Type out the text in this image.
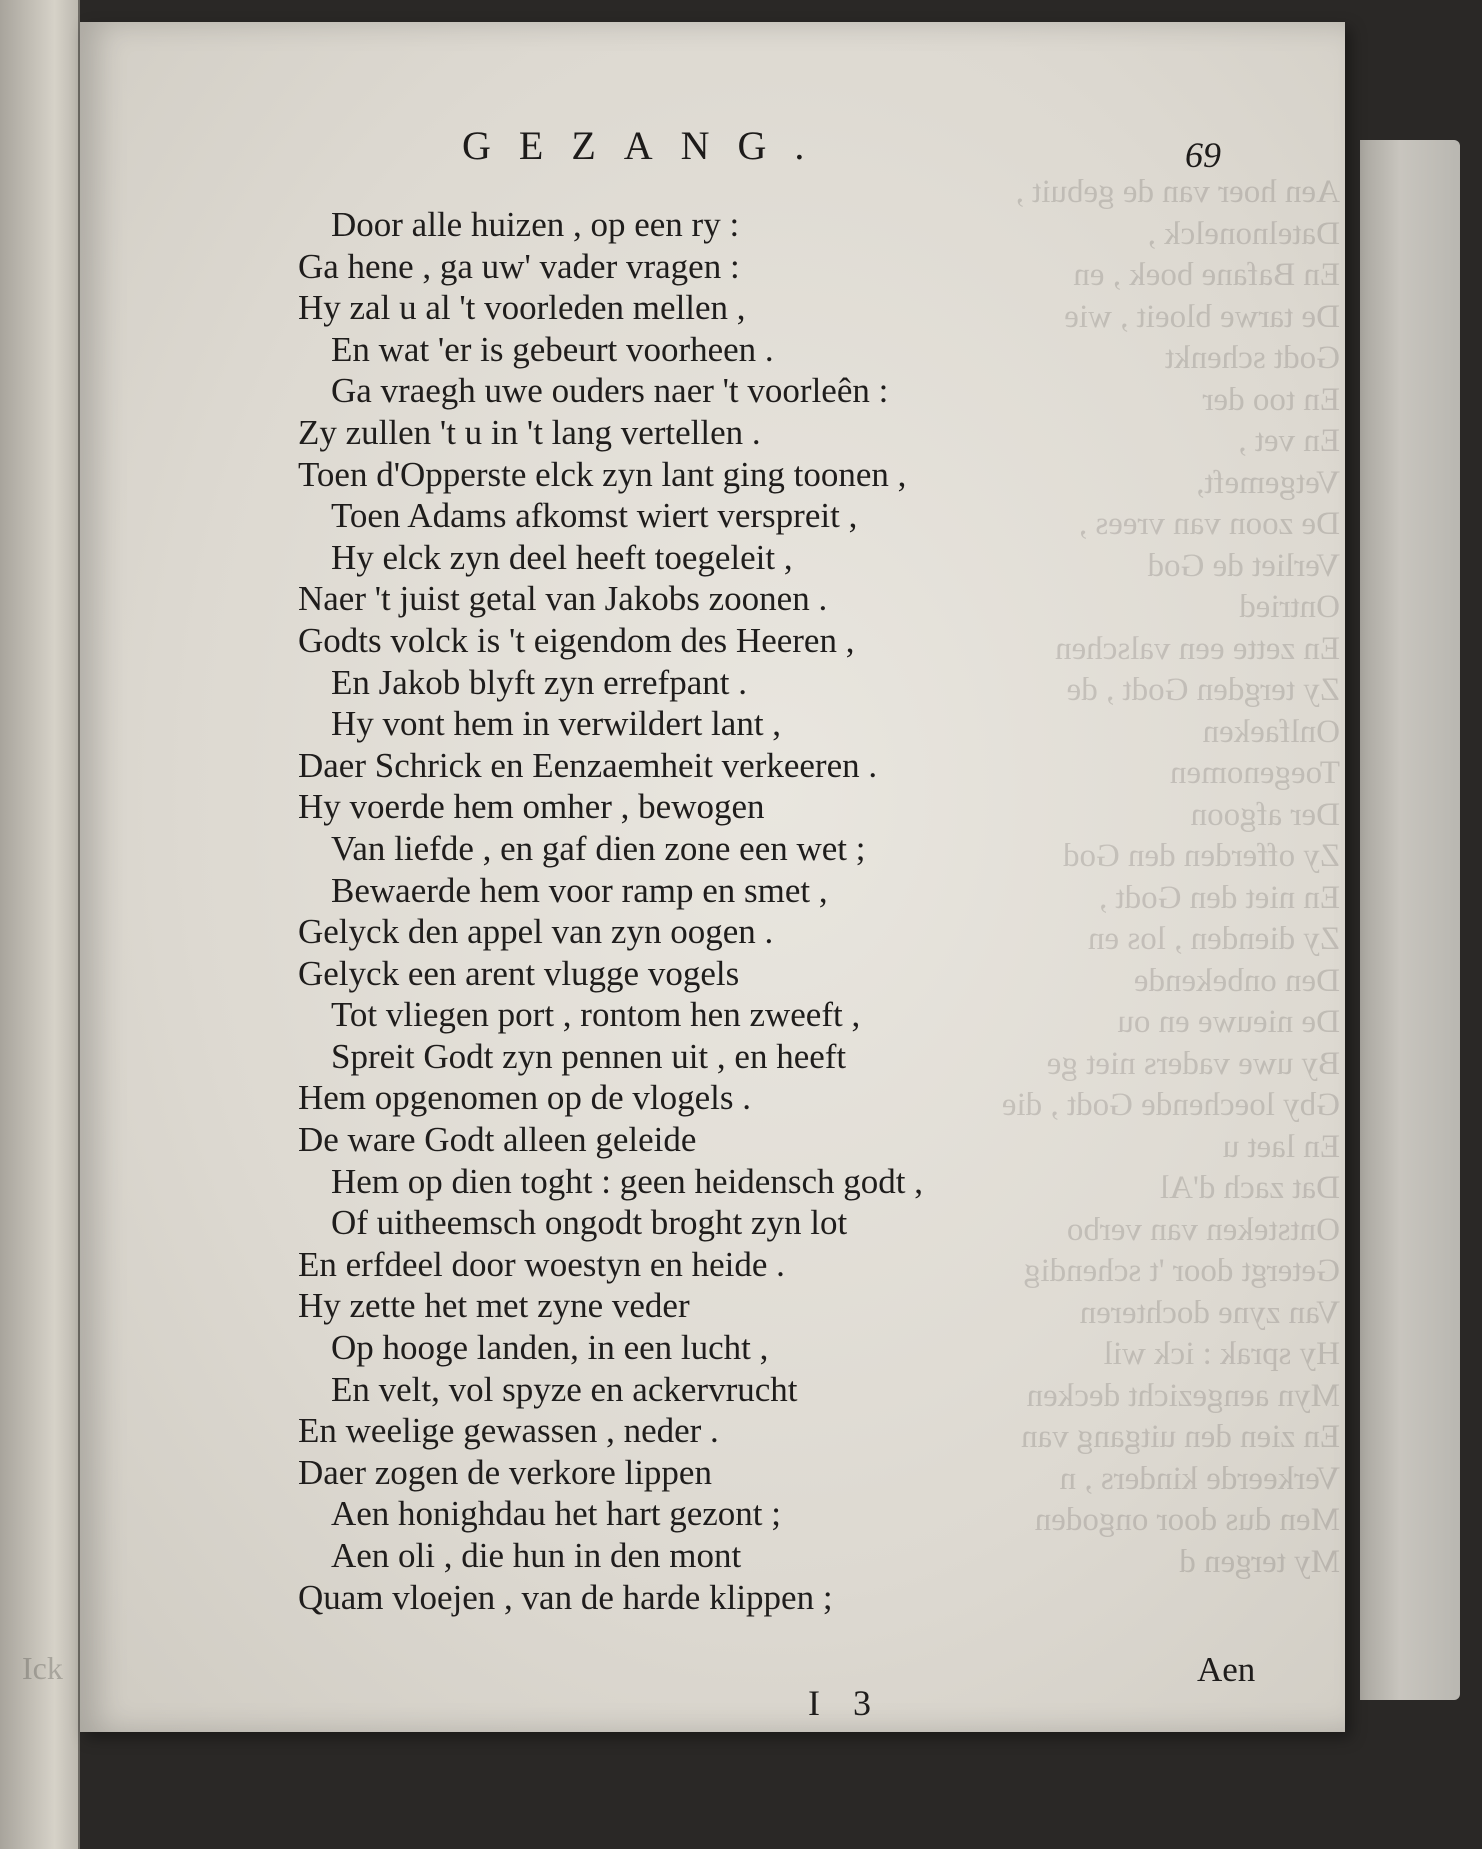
Ick
Aen hoer van de gebuit ,
Datelnonelck ,
En Bafane boek , en
De tarwe bloeit , wie
Godt schenkt
En too der
En vet ,
Vetgemeft,
De zoon van vrees ,
Verliet de God
Ontried
En zette een valschen
Zy tergden Godt , de
Onlfaeken
Toegenomen
Der afgoon
Zy offerden den God
En niet den Godt ,
Zy dienden , los en
Den onbekende
De nieuwe en ou
By uwe vaders niet ge
Gby loechende Godt , die
En laet u
Dat zach d'Al
Ontsteken van verbo
Getergt door 't schendig
Van zyne dochteren
Hy sprak : ick wil
Myn aengezicht decken
En zien den uitgang van
Verkeerde kinders , n
Men dus door ongoden
My tergen d
GEZANG.	69
Door alle huizen , op een ry :
Ga hene , ga uw' vader vragen :
Hy zal u al 't voorleden mellen ,
En wat 'er is gebeurt voorheen .
Ga vraegh uwe ouders naer 't voorleên :
Zy zullen 't u in 't lang vertellen .
Toen d'Opperste elck zyn lant ging toonen ,
Toen Adams afkomst wiert verspreit ,
Hy elck zyn deel heeft toegeleit ,
Naer 't juist getal van Jakobs zoonen .
Godts volck is 't eigendom des Heeren ,
En Jakob blyft zyn errefpant .
Hy vont hem in verwildert lant ,
Daer Schrick en Eenzaemheit verkeeren .
Hy voerde hem omher , bewogen
Van liefde , en gaf dien zone een wet ;
Bewaerde hem voor ramp en smet ,
Gelyck den appel van zyn oogen .
Gelyck een arent vlugge vogels
Tot vliegen port , rontom hen zweeft ,
Spreit Godt zyn pennen uit , en heeft
Hem opgenomen op de vlogels .
De ware Godt alleen geleide
Hem op dien toght : geen heidensch godt ,
Of uitheemsch ongodt broght zyn lot
En erfdeel door woestyn en heide .
Hy zette het met zyne veder
Op hooge landen, in een lucht ,
En velt, vol spyze en ackervrucht
En weelige gewassen , neder .
Daer zogen de verkore lippen
Aen honighdau het hart gezont ;
Aen oli , die hun in den mont
Quam vloejen , van de harde klippen ;
I 3
Aen
